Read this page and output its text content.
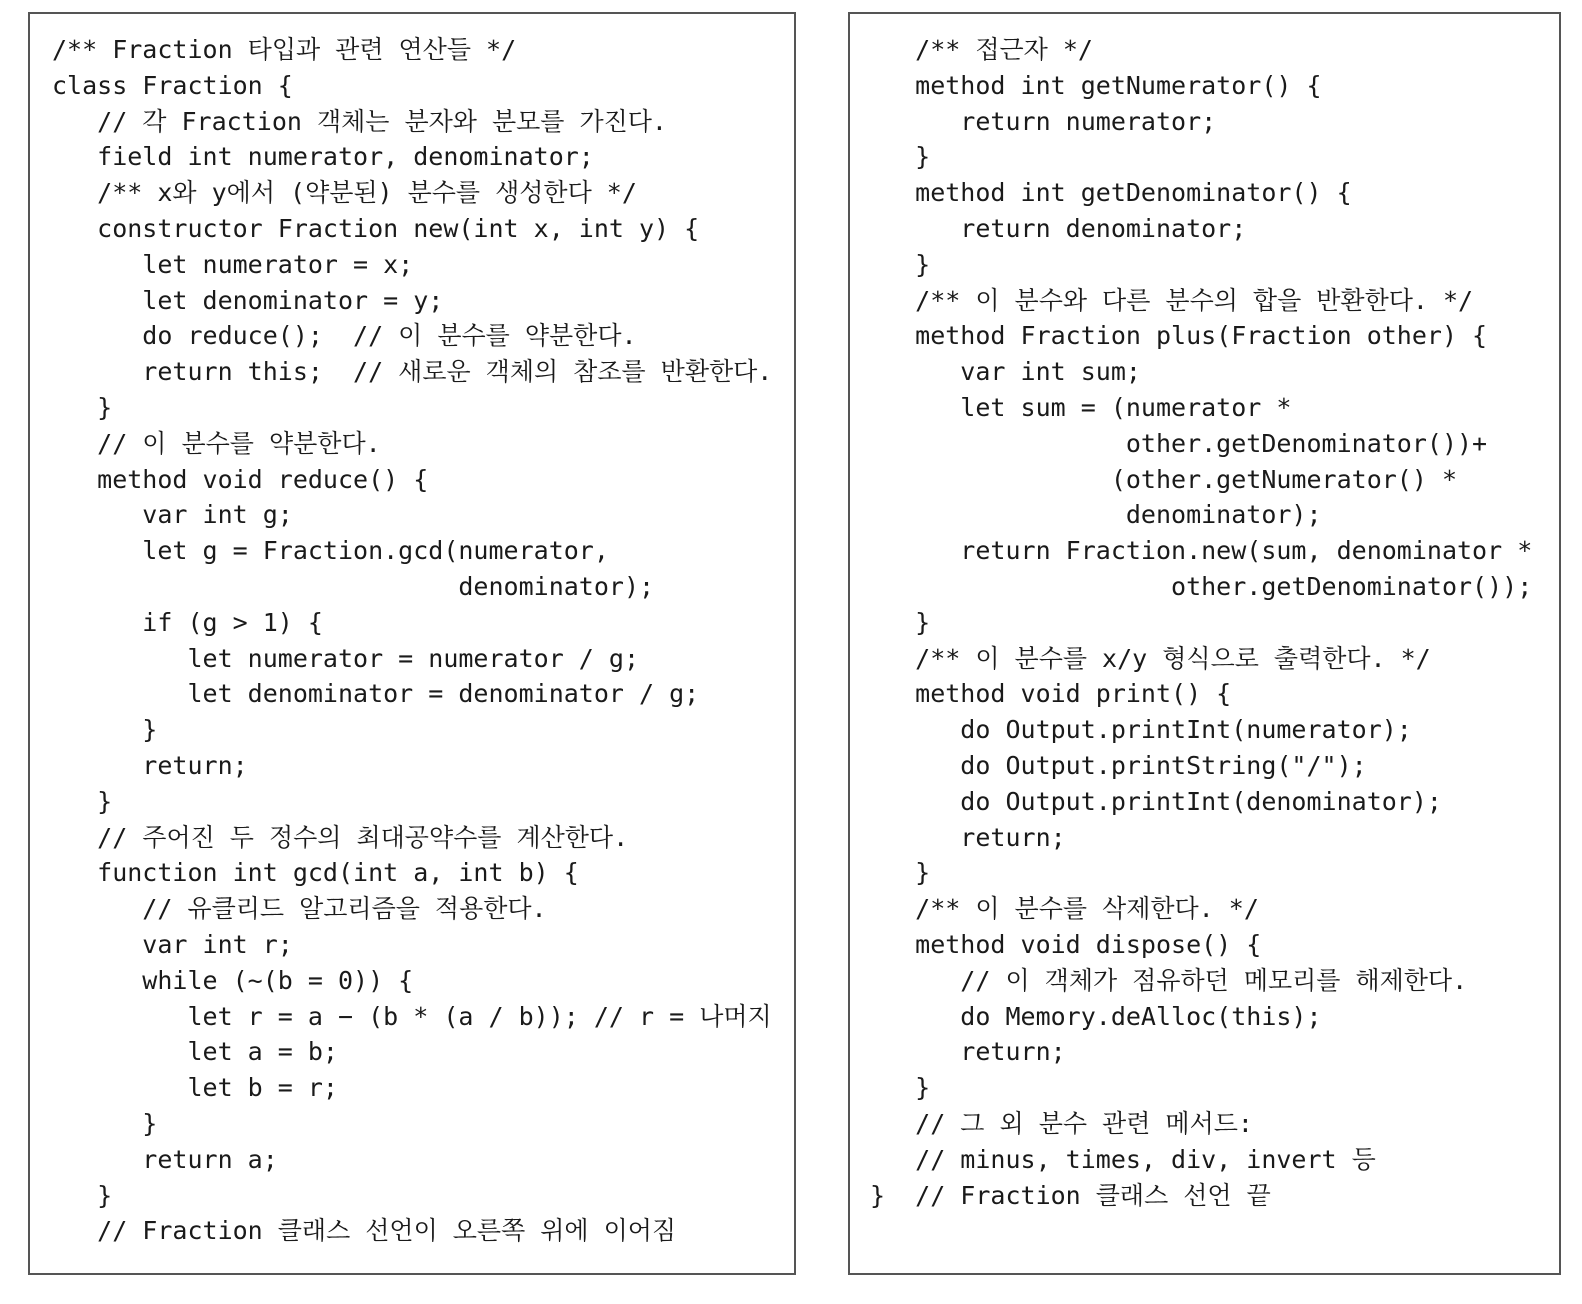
/** Fraction 타입과 관련 연산들 */
class Fraction {
// 각 Fraction 객체는 분자와 분모를 가진다.
field int numerator, denominator;
/** x와 y에서 (약분된) 분수를 생성한다 */
constructor Fraction new(int x, int y) {
let numerator = x;
let denominator = y;
do reduce();  // 이 분수를 약분한다.
return this;  // 새로운 객체의 참조를 반환한다.
}
// 이 분수를 약분한다.
method void reduce() {
var int g;
let g = Fraction.gcd(numerator,
denominator);
if (g > 1) {
let numerator = numerator / g;
let denominator = denominator / g;
}
return;
}
// 주어진 두 정수의 최대공약수를 계산한다.
function int gcd(int a, int b) {
// 유클리드 알고리즘을 적용한다.
var int r;
while (~(b = 0)) {
let r = a − (b * (a / b)); // r = 나머지
let a = b;
let b = r;
}
return a;
}
// Fraction 클래스 선언이 오른쪽 위에 이어짐
/** 접근자 */
method int getNumerator() {
return numerator;
}
method int getDenominator() {
return denominator;
}
/** 이 분수와 다른 분수의 합을 반환한다. */
method Fraction plus(Fraction other) {
var int sum;
let sum = (numerator *
other.getDenominator())+
(other.getNumerator() *
denominator);
return Fraction.new(sum, denominator *
other.getDenominator());
}
/** 이 분수를 x/y 형식으로 출력한다. */
method void print() {
do Output.printInt(numerator);
do Output.printString("/");
do Output.printInt(denominator);
return;
}
/** 이 분수를 삭제한다. */
method void dispose() {
// 이 객체가 점유하던 메모리를 해제한다.
do Memory.deAlloc(this);
return;
}
// 그 외 분수 관련 메서드:
// minus, times, div, invert 등
}  // Fraction 클래스 선언 끝
